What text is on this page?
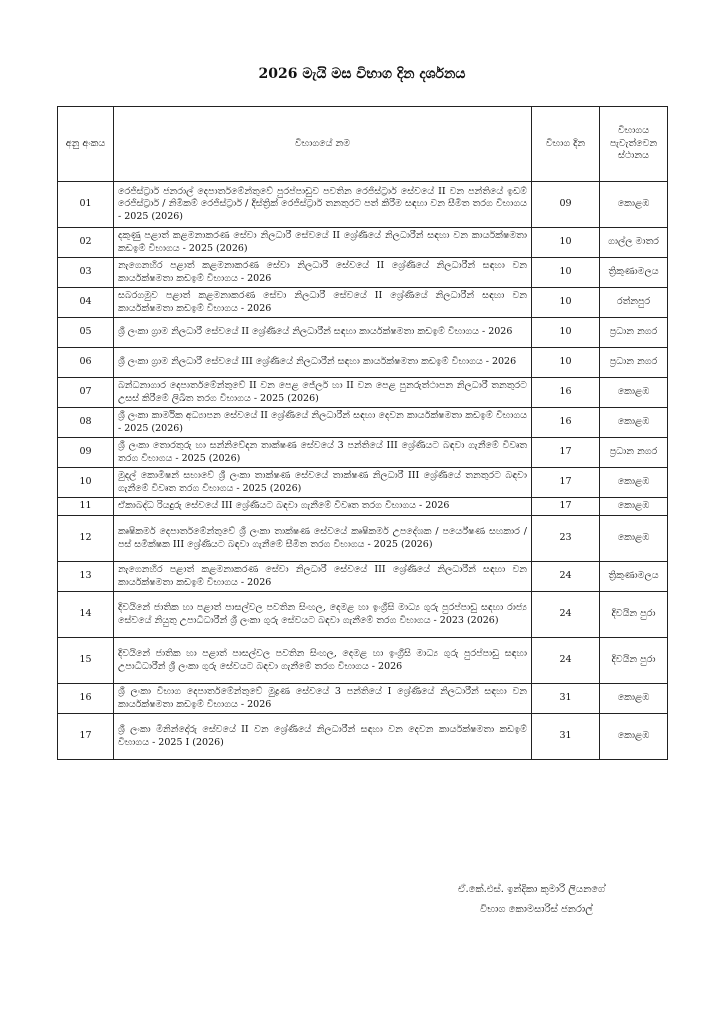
2026 මැයි මස විභාග දින දර්ශනය
අනු අංකය	විභාගයේ නම	විභාග දින	විභාගය පැවැත්වෙන ස්ථානය
01	රෙජිස්ට්‍රාර් ජනරාල් දෙපාර්තමේන්තුවේ පුරප්පාඩුව පවතින රෙජිස්ට්‍රාර් සේවයේ II වන පන්තියේ ඉඩම් රෙජිස්ට්‍රාර් / නිමිකම් රෙජිස්ට්‍රාර් / දිස්ත්‍රික් රෙජිස්ට්‍රාර් තනතුරට පත් කිරීම සඳහා වන සීමිත තරග විභාගය - 2025 (2026)	09	කොළඹ
02	දකුණු පළාත් කළමනාකරණ සේවා නිලධාරී සේවයේ II ශ්‍රේණියේ නිලධාරීන් සඳහා වන කාර්යක්ෂමතා කඩඉම් විභාගය - 2025 (2026)	10	ගාල්ල මාතර
03	නැගෙනහිර පළාත් කළමනාකරණ සේවා නිලධාරී සේවයේ II ශ්‍රේණියේ නිලධාරීන් සඳහා වන කාර්යක්ෂමතා කඩඉම් විභාගය - 2026	10	ත්‍රිකුණාමලය
04	සබරගමුව පළාත් කළමනාකරණ සේවා නිලධාරී සේවයේ II ශ්‍රේණියේ නිලධාරීන් සඳහා වන කාර්යක්ෂමතා කඩඉම් විභාගය - 2026	10	රත්නපුර
05	ශ්‍රී ලංකා ග්‍රාම නිලධාරී සේවයේ II ශ්‍රේණියේ නිලධාරීන් සඳහා කාර්යක්ෂමතා කඩඉම් විභාගය - 2026	10	ප්‍රධාන නගර
06	ශ්‍රී ලංකා ග්‍රාම නිලධාරී සේවයේ III ශ්‍රේණියේ නිලධාරීන් සඳහා කාර්යක්ෂමතා කඩඉම් විභාගය - 2026	10	ප්‍රධාන නගර
07	බන්ධනාගාර දෙපාර්තමේන්තුවේ II වන පෙළ ජේලර් හා II වන පෙළ පුනරුත්ථාපන නිලධාරී තනතුරට උසස් කිරීමේ ලිඛිත තරග විභාගය - 2025 (2026)	16	කොළඹ
08	ශ්‍රී ලංකා කාර්මික අධ්‍යාපන සේවයේ II ශ්‍රේණියේ නිලධාරීන් සඳහා දෙවන කාර්යක්ෂමතා කඩඉම් විභාගය - 2025 (2026)	16	කොළඹ
09	ශ්‍රී ලංකා තොරතුරු හා සන්නිවේදන තාක්ෂණ සේවයේ 3 පන්තියේ III ශ්‍රේණියට බඳවා ගැනීමේ විවෘත තරග විභාගය - 2025 (2026)	17	ප්‍රධාන නගර
10	මුදල් කොමිෂන් සභාවේ ශ්‍රී ලංකා තාක්ෂණ සේවයේ තාක්ෂණ නිලධාරී III ශ්‍රේණියේ තනතුරට බඳවා ගැනීමේ විවෘත තරග විභාගය - 2025 (2026)	17	කොළඹ
11	ඒකාබද්ධ රියදුරු සේවයේ III ශ්‍රේණියට බඳවා ගැනීමේ විවෘත තරග විභාගය - 2026	17	කොළඹ
12	කෘෂිකර්ම දෙපාර්තමේන්තුවේ ශ්‍රී ලංකා තාක්ෂණ සේවයේ කෘෂිකර්ම උපදේශක / පර්යේෂණ සහකාර / පස් සමීක්ෂක III ශ්‍රේණියට බඳවා ගැනීමේ සීමිත තරග විභාගය - 2025 (2026)	23	කොළඹ
13	නැගෙනහිර පළාත් කළමනාකරණ සේවා නිලධාරී සේවයේ III ශ්‍රේණියේ නිලධාරීන් සඳහා වන කාර්යක්ෂමතා කඩඉම් විභාගය - 2026	24	ත්‍රිකුණාමලය
14	දිවයිනේ ජාතික හා පළාත් පාසල්වල පවතින සිංහල, දෙමළ හා ඉංග්‍රීසි මාධ්‍ය ගුරු පුරප්පාඩු සඳහා රාජ්‍ය සේවයේ නියුතු උපාධිධාරීන් ශ්‍රී ලංකා ගුරු සේවයට බඳවා ගැනීමේ තරග විභාගය - 2023 (2026)	24	දිවයින පුරා
15	දිවයිනේ ජාතික හා පළාත් පාසල්වල පවතින සිංහල, දෙමළ හා ඉංග්‍රීසි මාධ්‍ය ගුරු පුරප්පාඩු සඳහා උපාධිධාරීන් ශ්‍රී ලංකා ගුරු සේවයට බඳවා ගැනීමේ තරග විභාගය - 2026	24	දිවයින පුරා
16	ශ්‍රී ලංකා විභාග දෙපාර්තමේන්තුවේ මුද්‍රණ සේවයේ 3 පන්තියේ I ශ්‍රේණියේ නිලධාරීන් සඳහා වන කාර්යක්ෂමතා කඩඉම් විභාගය - 2026	31	කොළඹ
17	ශ්‍රී ලංකා මිනින්දෝරු සේවයේ II වන ශ්‍රේණියේ නිලධාරීන් සඳහා වන දෙවන කාර්යක්ෂමතා කඩඉම් විභාගය - 2025 I (2026)	31	කොළඹ
ඒ.කේ.එස්. ඉන්දිකා කුමාරි ලියනගේ
විභාග කොමසාරිස් ජනරාල්
